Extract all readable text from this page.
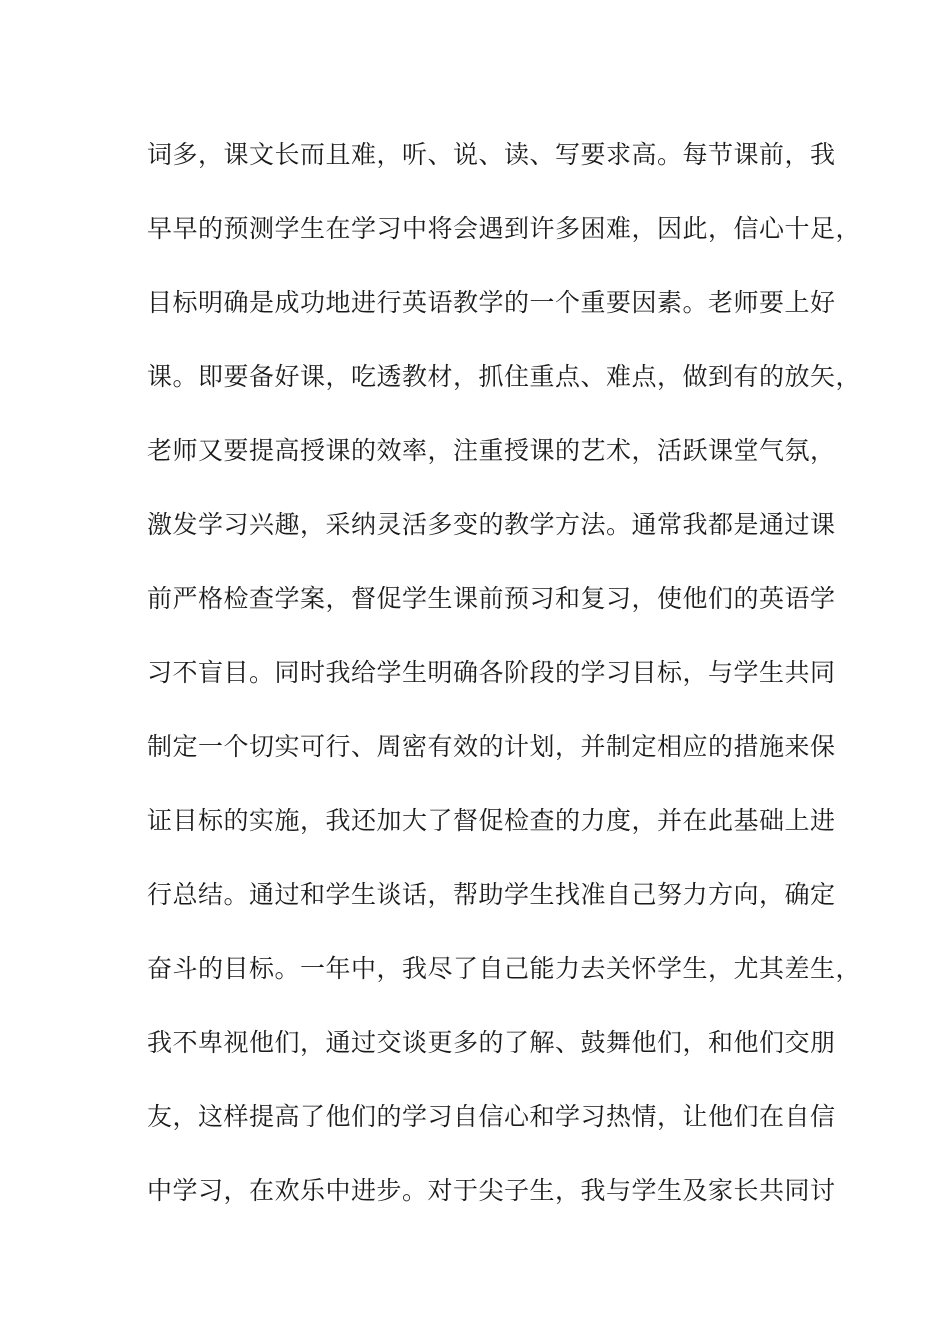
词多，课文长而且难，听、说、读、写要求高。每节课前，我
早早的预测学生在学习中将会遇到许多困难，因此，信心十足，
目标明确是成功地进行英语教学的一个重要因素。老师要上好
课。即要备好课，吃透教材，抓住重点、难点，做到有的放矢，
老师又要提高授课的效率，注重授课的艺术，活跃课堂气氛，
激发学习兴趣，采纳灵活多变的教学方法。通常我都是通过课
前严格检查学案，督促学生课前预习和复习，使他们的英语学
习不盲目。同时我给学生明确各阶段的学习目标，与学生共同
制定一个切实可行、周密有效的计划，并制定相应的措施来保
证目标的实施，我还加大了督促检查的力度，并在此基础上进
行总结。通过和学生谈话，帮助学生找准自己努力方向，确定
奋斗的目标。一年中，我尽了自己能力去关怀学生，尤其差生，
我不卑视他们，通过交谈更多的了解、鼓舞他们，和他们交朋
友，这样提高了他们的学习自信心和学习热情，让他们在自信
中学习，在欢乐中进步。对于尖子生，我与学生及家长共同讨
